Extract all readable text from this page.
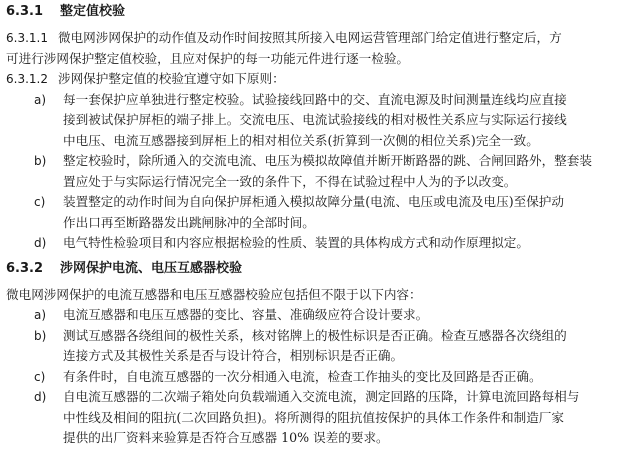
6.3.1 整定值校验

6.3.1.1 微电网涉网保护的动作值及动作时间按照其所接入电网运营管理部门给定值进行整定后，方
可进行涉网保护整定值校验，且应对保护的每一功能元件进行逐一检验。

6.3.1.2 涉网保护整定值的校验宜遵守如下原则：

a)	每一套保护应单独进行整定校验。试验接线回路中的交、直流电源及时间测量连线均应直接
接到被试保护屏柜的端子排上。交流电压、电流试验接线的相对极性关系应与实际运行接线
中电压、电流互感器接到屏柜上的相对相位关系(折算到一次侧的相位关系)完全一致。
b)	整定校验时，除所通入的交流电流、电压为模拟故障值并断开断路器的跳、合闸回路外，整套装
置应处于与实际运行情况完全一致的条件下，不得在试验过程中人为的予以改变。
c)	装置整定的动作时间为自向保护屏柜通入模拟故障分量(电流、电压或电流及电压)至保护动
作出口再至断路器发出跳闸脉冲的全部时间。
d)	电气特性检验项目和内容应根据检验的性质、装置的具体构成方式和动作原理拟定。
6.3.2 涉网保护电流、电压互感器校验

微电网涉网保护的电流互感器和电压互感器校验应包括但不限于以下内容：

a)	电流互感器和电压互感器的变比、容量、准确级应符合设计要求。
b)	测试互感器各绕组间的极性关系，核对铭牌上的极性标识是否正确。检查互感器各次绕组的
连接方式及其极性关系是否与设计符合，相别标识是否正确。
c)	有条件时，自电流互感器的一次分相通入电流，检查工作抽头的变比及回路是否正确。
d)	自电流互感器的二次端子箱处向负载端通入交流电流，测定回路的压降，计算电流回路每相与
中性线及相间的阻抗(二次回路负担)。将所测得的阻抗值按保护的具体工作条件和制造厂家
提供的出厂资料来验算是否符合互感器 10% 误差的要求。
